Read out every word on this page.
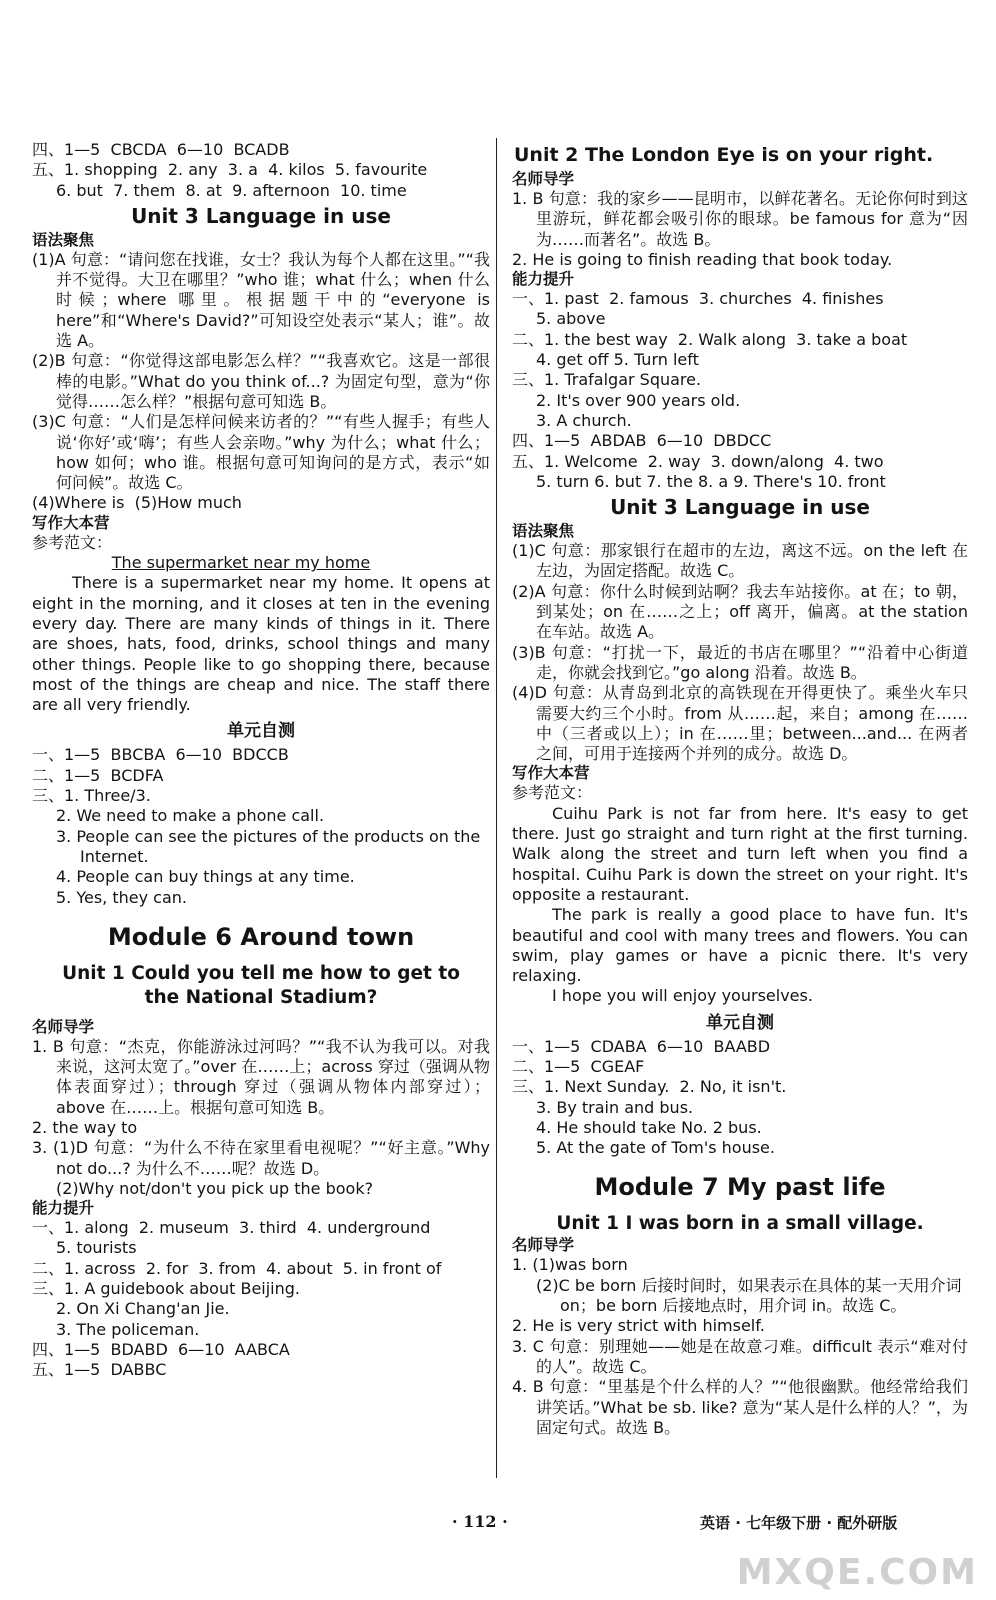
四、1—5  CBCDA  6—10  BCADB

五、1. shopping  2. any  3. a  4. kilos  5. favourite

6. but  7. them  8. at  9. afternoon  10. time

Unit 3 Language in use
语法聚焦

(1)A 句意：“请问您在找谁，女士？我认为每个人都在这里。”“我并不觉得。大卫在哪里？”who 谁；what 什么；when 什么时候；where 哪里。根据题干中的“everyone is here”和“Where's David?”可知设空处表示“某人；谁”。故选 A。

(2)B 句意：“你觉得这部电影怎么样？”“我喜欢它。这是一部很棒的电影。”What do you think of...? 为固定句型，意为“你觉得……怎么样？”根据句意可知选 B。

(3)C 句意：“人们是怎样问候来访者的？”“有些人握手；有些人说‘你好’或‘嗨’；有些人会亲吻。”why 为什么；what 什么；how 如何；who 谁。根据句意可知询问的是方式，表示“如何问候”。故选 C。

(4)Where is  (5)How much

写作大本营

参考范文：

The supermarket near my home

There is a supermarket near my home. It opens at eight in the morning, and it closes at ten in the evening every day. There are many kinds of things in it. There are shoes, hats, food, drinks, school things and many other things. People like to go shopping there, because most of the things are cheap and nice. The staff there are all very friendly.

单元自测

一、1—5  BBCBA  6—10  BDCCB

二、1—5  BCDFA

三、1. Three/3.

2. We need to make a phone call.

3. People can see the pictures of the products on the Internet.

4. People can buy things at any time.

5. Yes, they can.

Module 6 Around town
Unit 1 Could you tell me how to get to
the National Stadium?
名师导学

1. B 句意：“杰克，你能游泳过河吗？”“我不认为我可以。对我来说，这河太宽了。”over 在……上；across 穿过（强调从物体表面穿过）；through 穿过（强调从物体内部穿过）；above 在……上。根据句意可知选 B。

2. the way to

3. (1)D 句意：“为什么不待在家里看电视呢？”“好主意。”Why not do...? 为什么不……呢？故选 D。

(2)Why not/don't you pick up the book?

能力提升

一、1. along  2. museum  3. third  4. underground

5. tourists

二、1. across  2. for  3. from  4. about  5. in front of

三、1. A guidebook about Beijing.

2. On Xi Chang'an Jie.

3. The policeman.

四、1—5  BDABD  6—10  AABCA

五、1—5  DABBC

Unit 2 The London Eye is on your right.
名师导学

1. B 句意：我的家乡——昆明市，以鲜花著名。无论你何时到这里游玩，鲜花都会吸引你的眼球。be famous for 意为“因为……而著名”。故选 B。

2. He is going to finish reading that book today.

能力提升

一、1. past  2. famous  3. churches  4. finishes

5. above

二、1. the best way  2. Walk along  3. take a boat

4. get off 5. Turn left

三、1. Trafalgar Square.

2. It's over 900 years old.

3. A church.

四、1—5  ABDAB  6—10  DBDCC

五、1. Welcome  2. way  3. down/along  4. two

5. turn 6. but 7. the 8. a 9. There's 10. front

Unit 3 Language in use
语法聚焦

(1)C 句意：那家银行在超市的左边，离这不远。on the left 在左边，为固定搭配。故选 C。

(2)A 句意：你什么时候到站啊？我去车站接你。at 在；to 朝，到某处；on 在……之上；off 离开，偏离。at the station 在车站。故选 A。

(3)B 句意：“打扰一下，最近的书店在哪里？”“沿着中心街道走，你就会找到它。”go along 沿着。故选 B。

(4)D 句意：从青岛到北京的高铁现在开得更快了。乘坐火车只需要大约三个小时。from 从……起，来自；among 在……中（三者或以上）；in 在……里；between...and... 在两者之间，可用于连接两个并列的成分。故选 D。

写作大本营

参考范文：

Cuihu Park is not far from here. It's easy to get there. Just go straight and turn right at the first turning. Walk along the street and turn left when you find a hospital. Cuihu Park is down the street on your right. It's opposite a restaurant.

The park is really a good place to have fun. It's beautiful and cool with many trees and flowers. You can swim, play games or have a picnic there. It's very relaxing.

I hope you will enjoy yourselves.

单元自测

一、1—5  CDABA  6—10  BAABD

二、1—5  CGEAF

三、1. Next Sunday.  2. No, it isn't.

3. By train and bus.

4. He should take No. 2 bus.

5. At the gate of Tom's house.

Module 7 My past life
Unit 1 I was born in a small village.
名师导学

1. (1)was born

(2)C be born 后接时间时，如果表示在具体的某一天用介词 on；be born 后接地点时，用介词 in。故选 C。

2. He is very strict with himself.

3. C 句意：别理她——她是在故意刁难。difficult 表示“难对付的人”。故选 C。

4. B 句意：“里基是个什么样的人？”“他很幽默。他经常给我们讲笑话。”What be sb. like? 意为“某人是什么样的人？”，为固定句式。故选 B。

· 112 ·	英语 · 七年级下册 · 配外研版
MXQE.COM
